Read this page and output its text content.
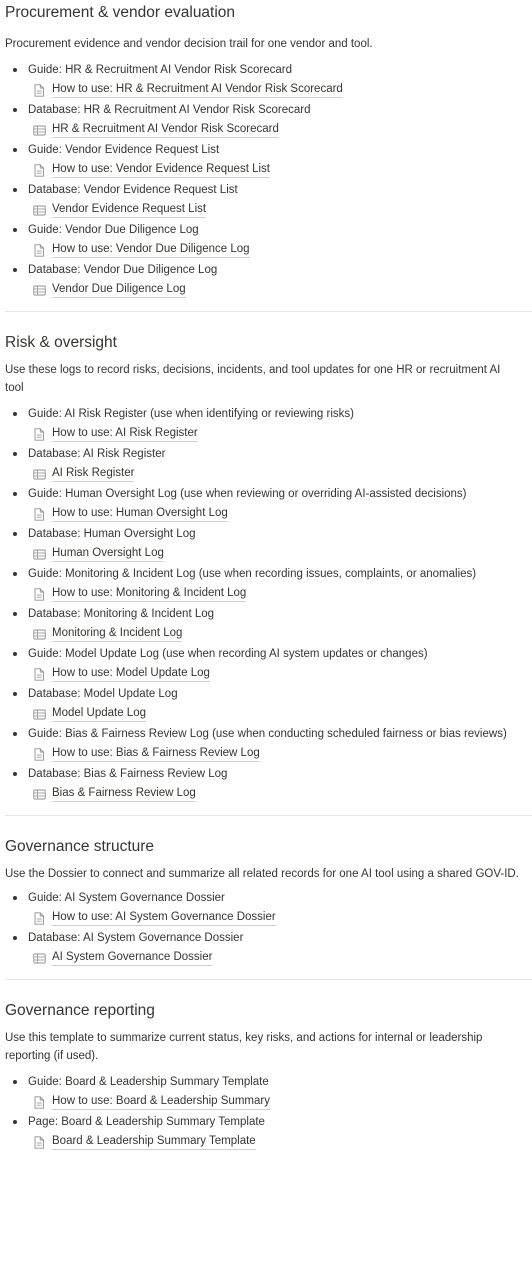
Procurement & vendor evaluation

Procurement evidence and vendor decision trail for one vendor and tool.

Guide: HR & Recruitment AI Vendor Risk Scorecard
How to use: HR & Recruitment AI Vendor Risk Scorecard
Database: HR & Recruitment AI Vendor Risk Scorecard
HR & Recruitment AI Vendor Risk Scorecard
Guide: Vendor Evidence Request List
How to use: Vendor Evidence Request List
Database: Vendor Evidence Request List
Vendor Evidence Request List
Guide: Vendor Due Diligence Log
How to use: Vendor Due Diligence Log
Database: Vendor Due Diligence Log
Vendor Due Diligence Log
Risk & oversight

Use these logs to record risks, decisions, incidents, and tool updates for one HR or recruitment AI tool

Guide: AI Risk Register (use when identifying or reviewing risks)
How to use: AI Risk Register
Database: AI Risk Register
AI Risk Register
Guide: Human Oversight Log (use when reviewing or overriding AI-assisted decisions)
How to use: Human Oversight Log
Database: Human Oversight Log
Human Oversight Log
Guide: Monitoring & Incident Log (use when recording issues, complaints, or anomalies)
How to use: Monitoring & Incident Log
Database: Monitoring & Incident Log
Monitoring & Incident Log
Guide: Model Update Log (use when recording AI system updates or changes)
How to use: Model Update Log
Database: Model Update Log
Model Update Log
Guide: Bias & Fairness Review Log (use when conducting scheduled fairness or bias reviews)
How to use: Bias & Fairness Review Log
Database: Bias & Fairness Review Log
Bias & Fairness Review Log
Governance structure

Use the Dossier to connect and summarize all related records for one AI tool using a shared GOV-ID.

Guide: AI System Governance Dossier
How to use: AI System Governance Dossier
Database: AI System Governance Dossier
AI System Governance Dossier
Governance reporting

Use this template to summarize current status, key risks, and actions for internal or leadership reporting (if used).

Guide: Board & Leadership Summary Template
How to use: Board & Leadership Summary
Page: Board & Leadership Summary Template
Board & Leadership Summary Template
